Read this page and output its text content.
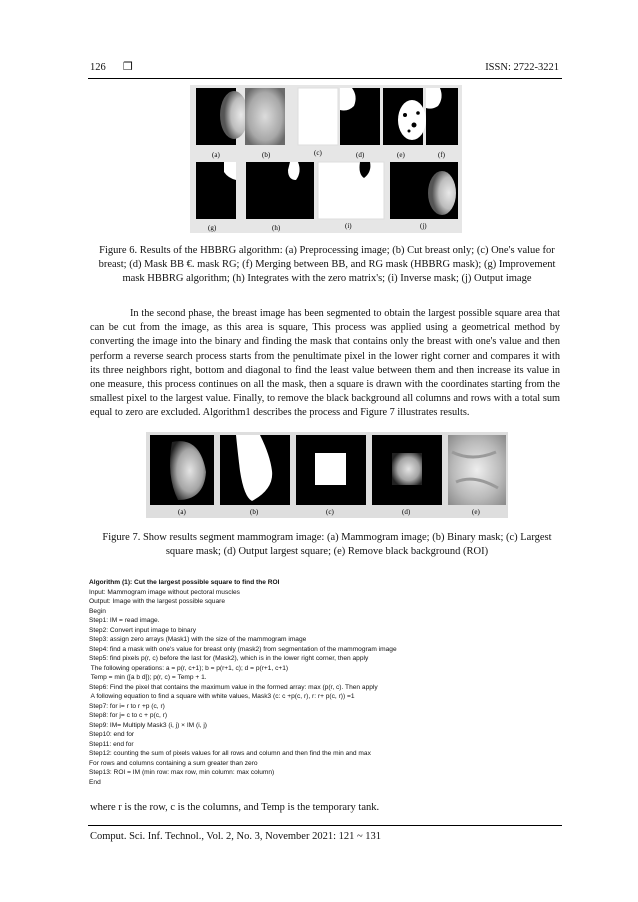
126 ❒	ISSN: 2722-3221
(a)	(b)	(c)	(d)	(e)	(f)
(g)	(h)	(i)	(j)
Figure 6. Results of the HBBRG algorithm: (a) Preprocessing image; (b) Cut breast only; (c) One's value for breast; (d) Mask BB €. mask RG; (f) Merging between BB, and RG mask (HBBRG mask); (g) Improvement mask HBBRG algorithm; (h) Integrates with the zero matrix's; (i) Inverse mask; (j) Output image
In the second phase, the breast image has been segmented to obtain the largest possible square area that can be cut from the image, as this area is square, This process was applied using a geometrical method by converting the image into the binary and finding the mask that contains only the breast with one's value and then perform a reverse search process starts from the penultimate pixel in the lower right corner and compares it with its three neighbors right, bottom and diagonal to find the least value between them and then increase its value in one measure, this process continues on all the mask, then a square is drawn with the coordinates starting from the smallest pixel to the largest value. Finally, to remove the black background all columns and rows with a total sum equal to zero are excluded. Algorithm1 describes the process and Figure 7 illustrates results.
(a)	(b)	(c)	(d)	(e)
Figure 7. Show results segment mammogram image: (a) Mammogram image; (b) Binary mask; (c) Largest square mask; (d) Output largest square; (e) Remove black background (ROI)
Algorithm (1): Cut the largest possible square to find the ROI
Input: Mammogram image without pectoral muscles
Output: Image with the largest possible square
Begin
Step1: IM = read image.
Step2: Convert input image to binary
Step3: assign zero arrays (Mask1) with the size of the mammogram image
Step4: find a mask with one's value for breast only (mask2) from segmentation of the mammogram image
Step5: find pixels p(r, c) before the last for (Mask2), which is in the lower right corner, then apply
The following operations: a = p(r, c+1); b = p(r+1, c); d = p(r+1, c+1)
Temp = min ([a b d]); p(r, c) = Temp + 1.
Step6: Find the pixel that contains the maximum value in the formed array: max (p(r, c). Then apply
A following equation to find a square with white values, Mask3 (c: c +p(c, r), r: r+ p(c, r)) =1
Step7: for i= r to r +p (c, r)
Step8: for j= c to c + p(c, r)
Step9: IM= Multiply Mask3 (i, j) × IM (i, j)
Step10: end for
Step11: end for
Step12: counting the sum of pixels values for all rows and column and then find the min and max
For rows and columns containing a sum greater than zero
Step13: ROI = IM (min row: max row, min column: max column)
End
where r is the row, c is the columns, and Temp is the temporary tank.
Comput. Sci. Inf. Technol., Vol. 2, No. 3, November 2021: 121 ~ 131
